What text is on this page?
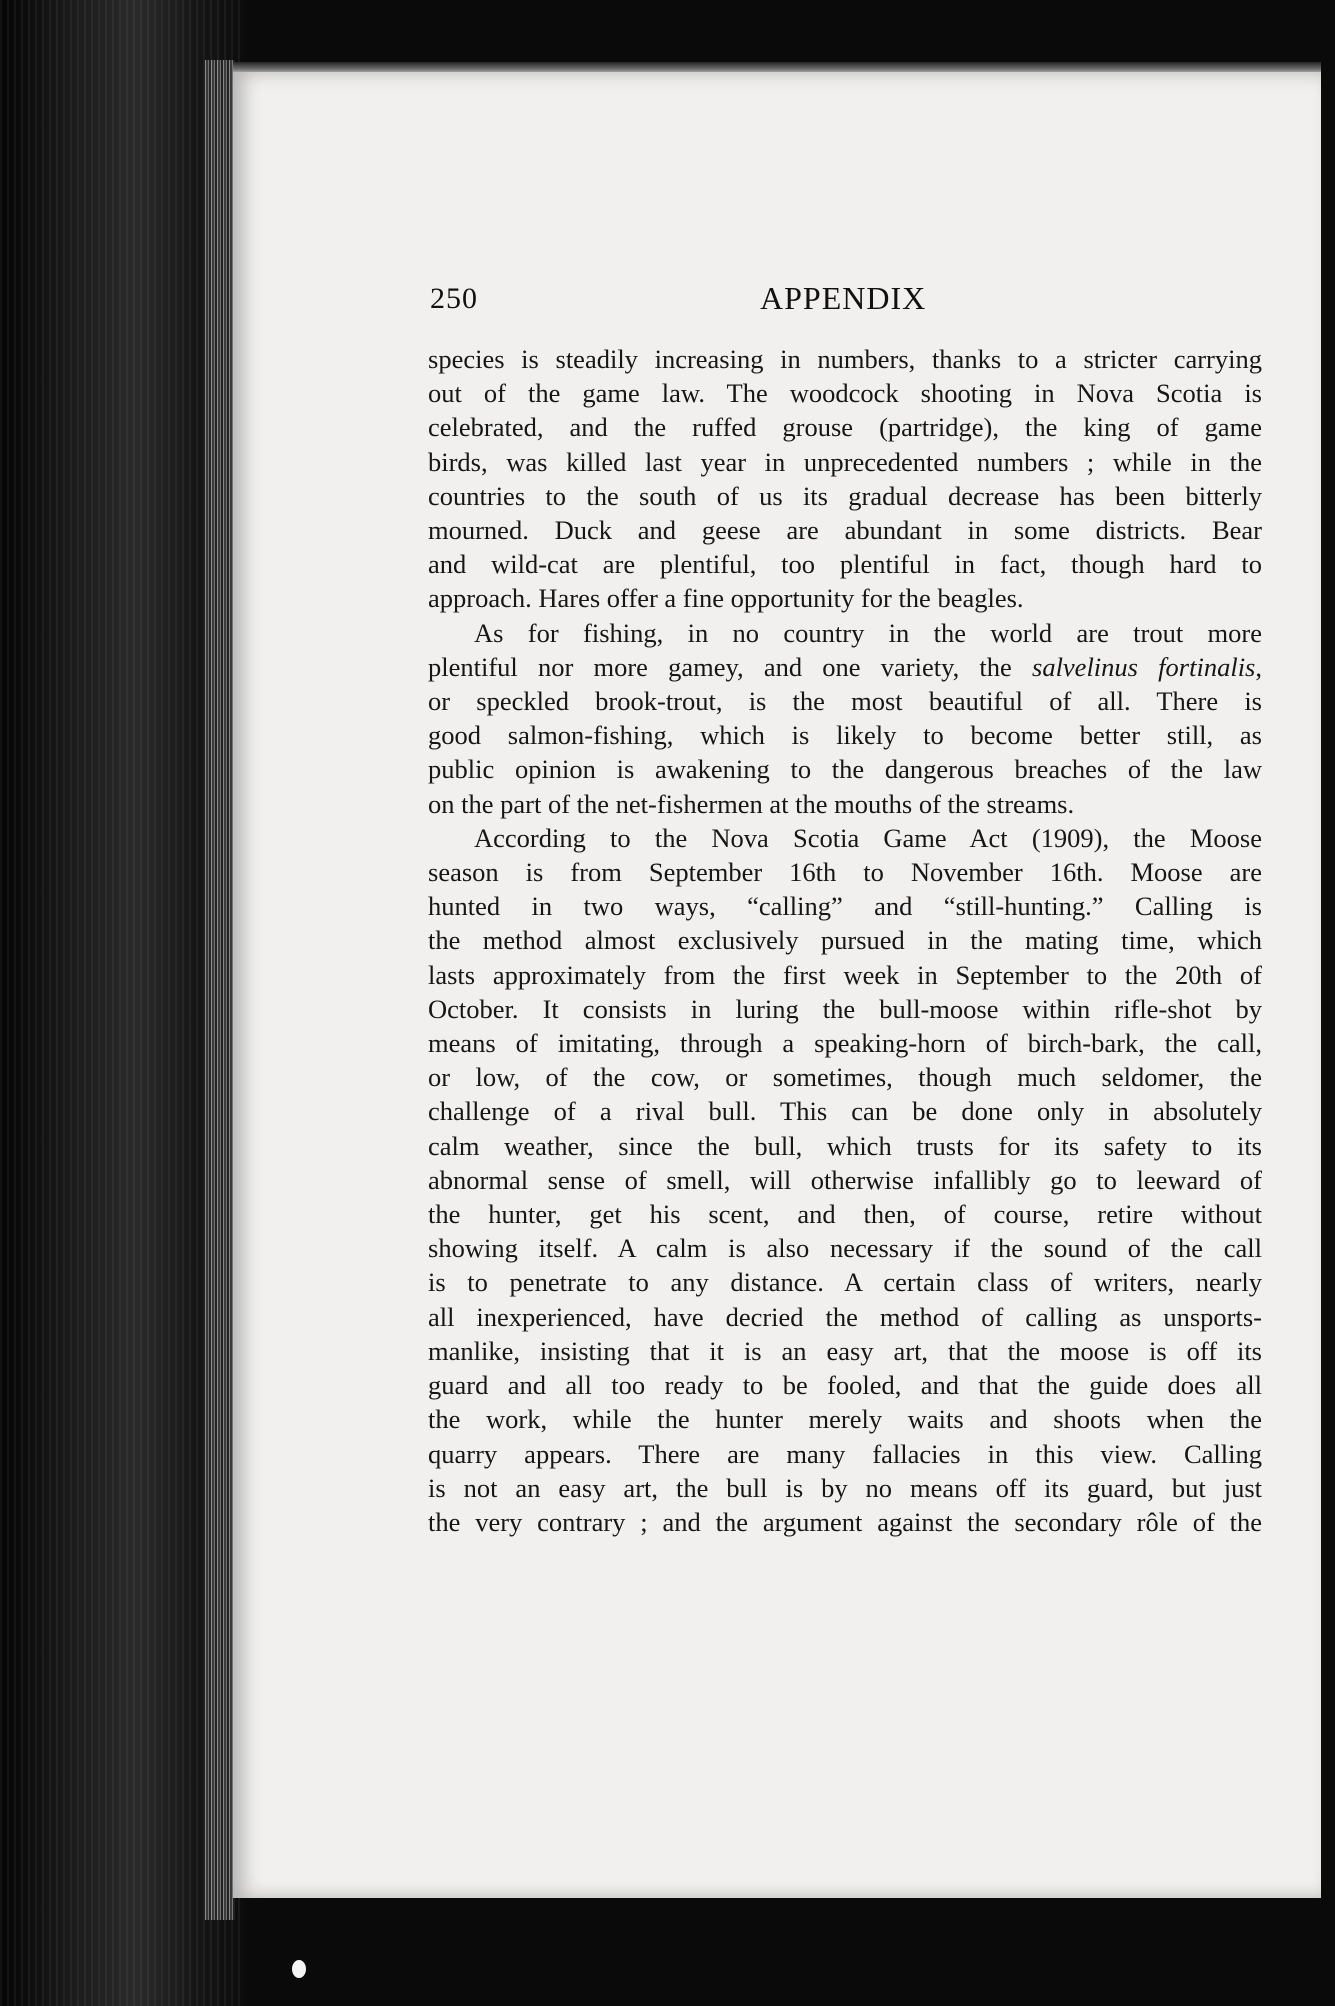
250	APPENDIX

species is steadily increasing in numbers, thanks to a stricter carrying
out of the game law. The woodcock shooting in Nova Scotia is
celebrated, and the ruffed grouse (partridge), the king of game
birds, was killed last year in unprecedented numbers ; while in the
countries to the south of us its gradual decrease has been bitterly
mourned. Duck and geese are abundant in some districts. Bear
and wild-cat are plentiful, too plentiful in fact, though hard to
approach. Hares offer a fine opportunity for the beagles.

As for fishing, in no country in the world are trout more
plentiful nor more gamey, and one variety, the salvelinus fortinalis,
or speckled brook-trout, is the most beautiful of all. There is
good salmon-fishing, which is likely to become better still, as
public opinion is awakening to the dangerous breaches of the law
on the part of the net-fishermen at the mouths of the streams.

According to the Nova Scotia Game Act (1909), the Moose
season is from September 16th to November 16th. Moose are
hunted in two ways, “calling” and “still-hunting.” Calling is
the method almost exclusively pursued in the mating time, which
lasts approximately from the first week in September to the 20th of
October. It consists in luring the bull-moose within rifle-shot by
means of imitating, through a speaking-horn of birch-bark, the call,
or low, of the cow, or sometimes, though much seldomer, the
challenge of a rival bull. This can be done only in absolutely
calm weather, since the bull, which trusts for its safety to its
abnormal sense of smell, will otherwise infallibly go to leeward of
the hunter, get his scent, and then, of course, retire without
showing itself. A calm is also necessary if the sound of the call
is to penetrate to any distance. A certain class of writers, nearly
all inexperienced, have decried the method of calling as unsports-
manlike, insisting that it is an easy art, that the moose is off its
guard and all too ready to be fooled, and that the guide does all
the work, while the hunter merely waits and shoots when the
quarry appears. There are many fallacies in this view. Calling
is not an easy art, the bull is by no means off its guard, but just
the very contrary ; and the argument against the secondary rôle of the
